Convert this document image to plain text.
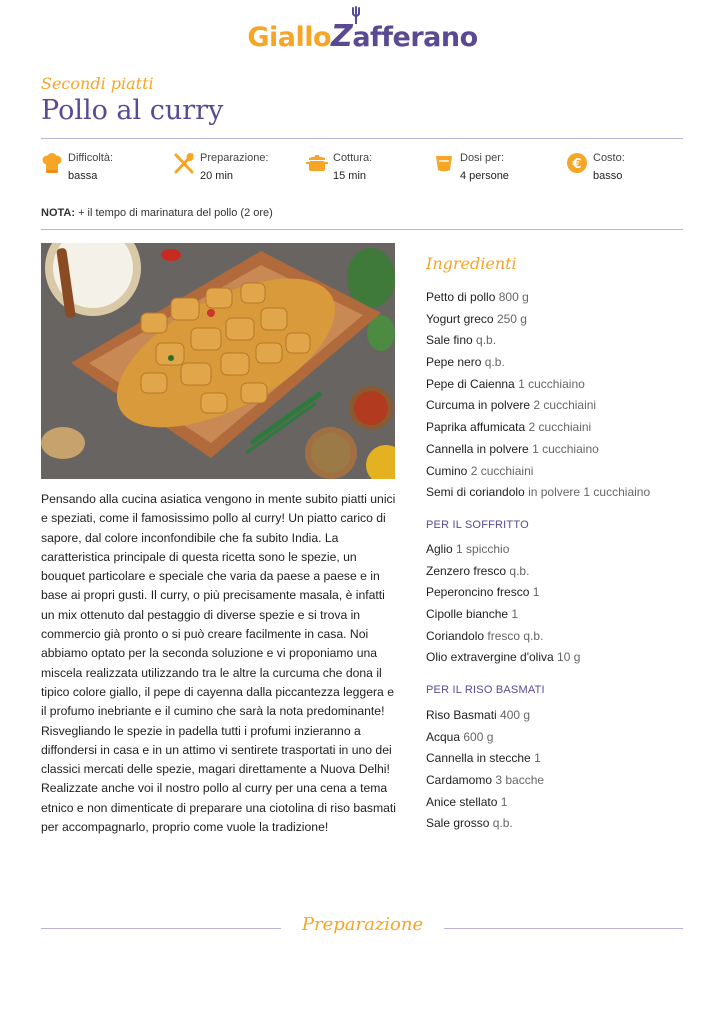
GialloZafferano
Secondi piatti
Pollo al curry
Difficoltà:
bassa
Preparazione:
20 min
Cottura:
15 min
Dosi per:
4 persone
€ Costo:
basso
NOTA: + il tempo di marinatura del pollo (2 ore)

Pensando alla cucina asiatica vengono in mente subito piatti unici e speziati, come il famosissimo pollo al curry! Un piatto carico di sapore, dal colore inconfondibile che fa subito India. La caratteristica principale di questa ricetta sono le spezie, un bouquet particolare e speciale che varia da paese a paese e in base ai propri gusti. Il curry, o più precisamente masala, è infatti un mix ottenuto dal pestaggio di diverse spezie e si trova in commercio già pronto o si può creare facilmente in casa. Noi abbiamo optato per la seconda soluzione e vi proponiamo una miscela realizzata utilizzando tra le altre la curcuma che dona il tipico colore giallo, il pepe di cayenna dalla piccantezza leggera e il profumo inebriante e il cumino che sarà la nota predominante! Risvegliando le spezie in padella tutti i profumi inzieranno a diffondersi in casa e in un attimo vi sentirete trasportati in uno dei classici mercati delle spezie, magari direttamente a Nuova Delhi! Realizzate anche voi il nostro pollo al curry per una cena a tema etnico e non dimenticate di preparare una ciotolina di riso basmati per accompagnarlo, proprio come vuole la tradizione!

Ingredienti
Petto di pollo 800 g
Yogurt greco 250 g
Sale fino q.b.
Pepe nero q.b.
Pepe di Caienna 1 cucchiaino
Curcuma in polvere 2 cucchiaini
Paprika affumicata 2 cucchiaini
Cannella in polvere 1 cucchiaino
Cumino 2 cucchiaini
Semi di coriandolo in polvere 1 cucchiaino
PER IL SOFFRITTO
Aglio 1 spicchio
Zenzero fresco q.b.
Peperoncino fresco 1
Cipolle bianche 1
Coriandolo fresco q.b.
Olio extravergine d'oliva 10 g
PER IL RISO BASMATI
Riso Basmati 400 g
Acqua 600 g
Cannella in stecche 1
Cardamomo 3 bacche
Anice stellato 1
Sale grosso q.b.
Preparazione
